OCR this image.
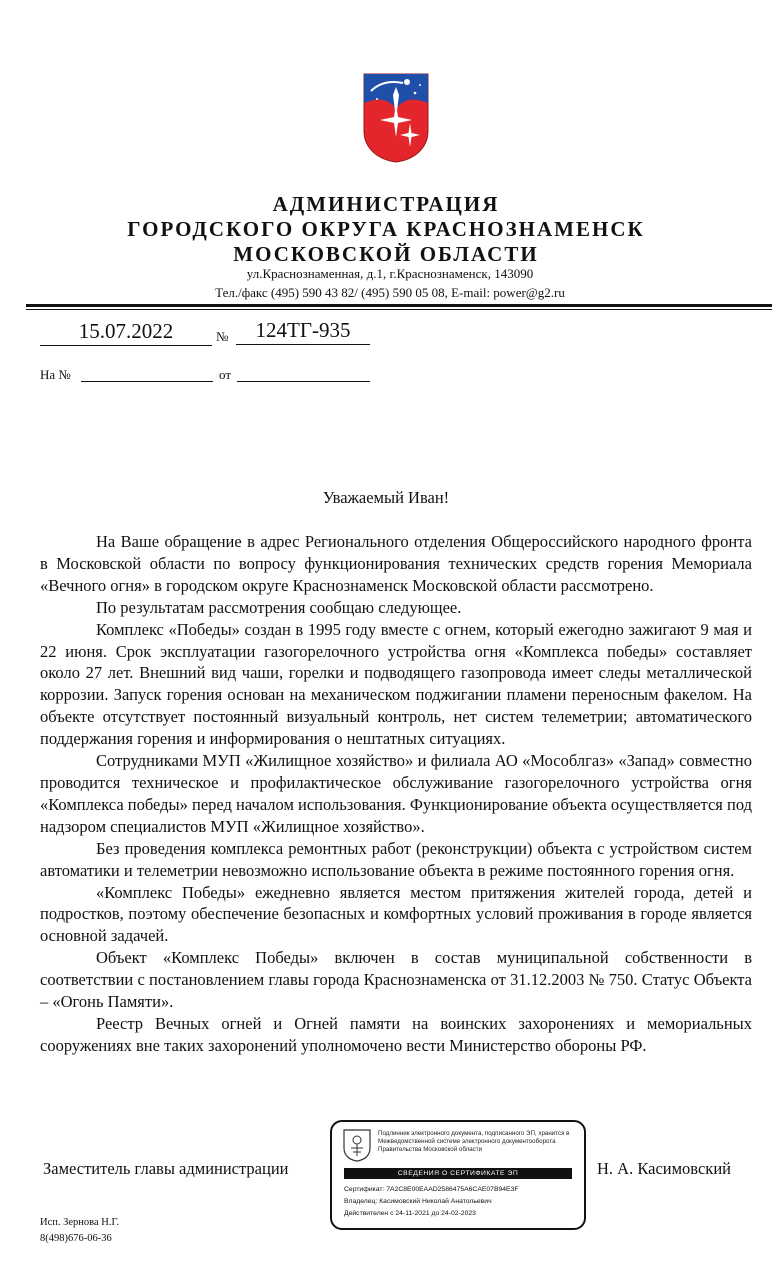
АДМИНИСТРАЦИЯ
ГОРОДСКОГО ОКРУГА КРАСНОЗНАМЕНСК
МОСКОВСКОЙ ОБЛАСТИ
ул.Краснознаменная, д.1, г.Краснознаменск, 143090
Тел./факс (495) 590 43 82/ (495) 590 05 08, E-mail: power@g2.ru
15.07.2022	№	124ТГ-935
На №	от
Уважаемый Иван!

На Ваше обращение в адрес Регионального отделения Общероссийского народного фронта в Московской области по вопросу функционирования технических средств горения Мемориала «Вечного огня» в городском округе Краснознаменск Московской области рассмотрено.

По результатам рассмотрения сообщаю следующее.

Комплекс «Победы» создан в 1995 году вместе с огнем, который ежегодно зажигают 9 мая и 22 июня. Срок эксплуатации газогорелочного устройства огня «Комплекса победы» составляет около 27 лет. Внешний вид чаши, горелки и подводящего газопровода имеет следы металлической коррозии. Запуск горения основан на механическом поджигании пламени переносным факелом. На объекте отсутствует постоянный визуальный контроль, нет систем телеметрии; автоматического поддержания горения и информирования о нештатных ситуациях.

Сотрудниками МУП «Жилищное хозяйство» и филиала АО «Мособлгаз» «Запад» совместно проводится техническое и профилактическое обслуживание газогорелочного устройства огня «Комплекса победы» перед началом использования. Функционирование объекта осуществляется под надзором специалистов МУП «Жилищное хозяйство».

Без проведения комплекса ремонтных работ (реконструкции) объекта с устройством систем автоматики и телеметрии невозможно использование объекта в режиме постоянного горения огня.

«Комплекс Победы» ежедневно является местом притяжения жителей города, детей и подростков, поэтому обеспечение безопасных и комфортных условий проживания в городе является основной задачей.

Объект «Комплекс Победы» включен в состав муниципальной собственности в соответствии с постановлением главы города Краснознаменска от 31.12.2003 № 750. Статус Объекта – «Огонь Памяти».

Реестр Вечных огней и Огней памяти на воинских захоронениях и мемориальных сооружениях вне таких захоронений уполномочено вести Министерство обороны РФ.

Заместитель главы администрации	Н. А. Касимовский
Подлинник электронного документа, подписанного ЭП, хранится в Межведомственной системе электронного документооборота Правительства Московской области
СВЕДЕНИЯ О СЕРТИФИКАТЕ ЭП
Сертификат: 7A2C8E00EAAD2586475A6CAE07B94E3F
Владелец: Касимовский Николай Анатольевич
Действителен с 24-11-2021 до 24-02-2023
Исп. Зернова Н.Г.
8(498)676-06-36
